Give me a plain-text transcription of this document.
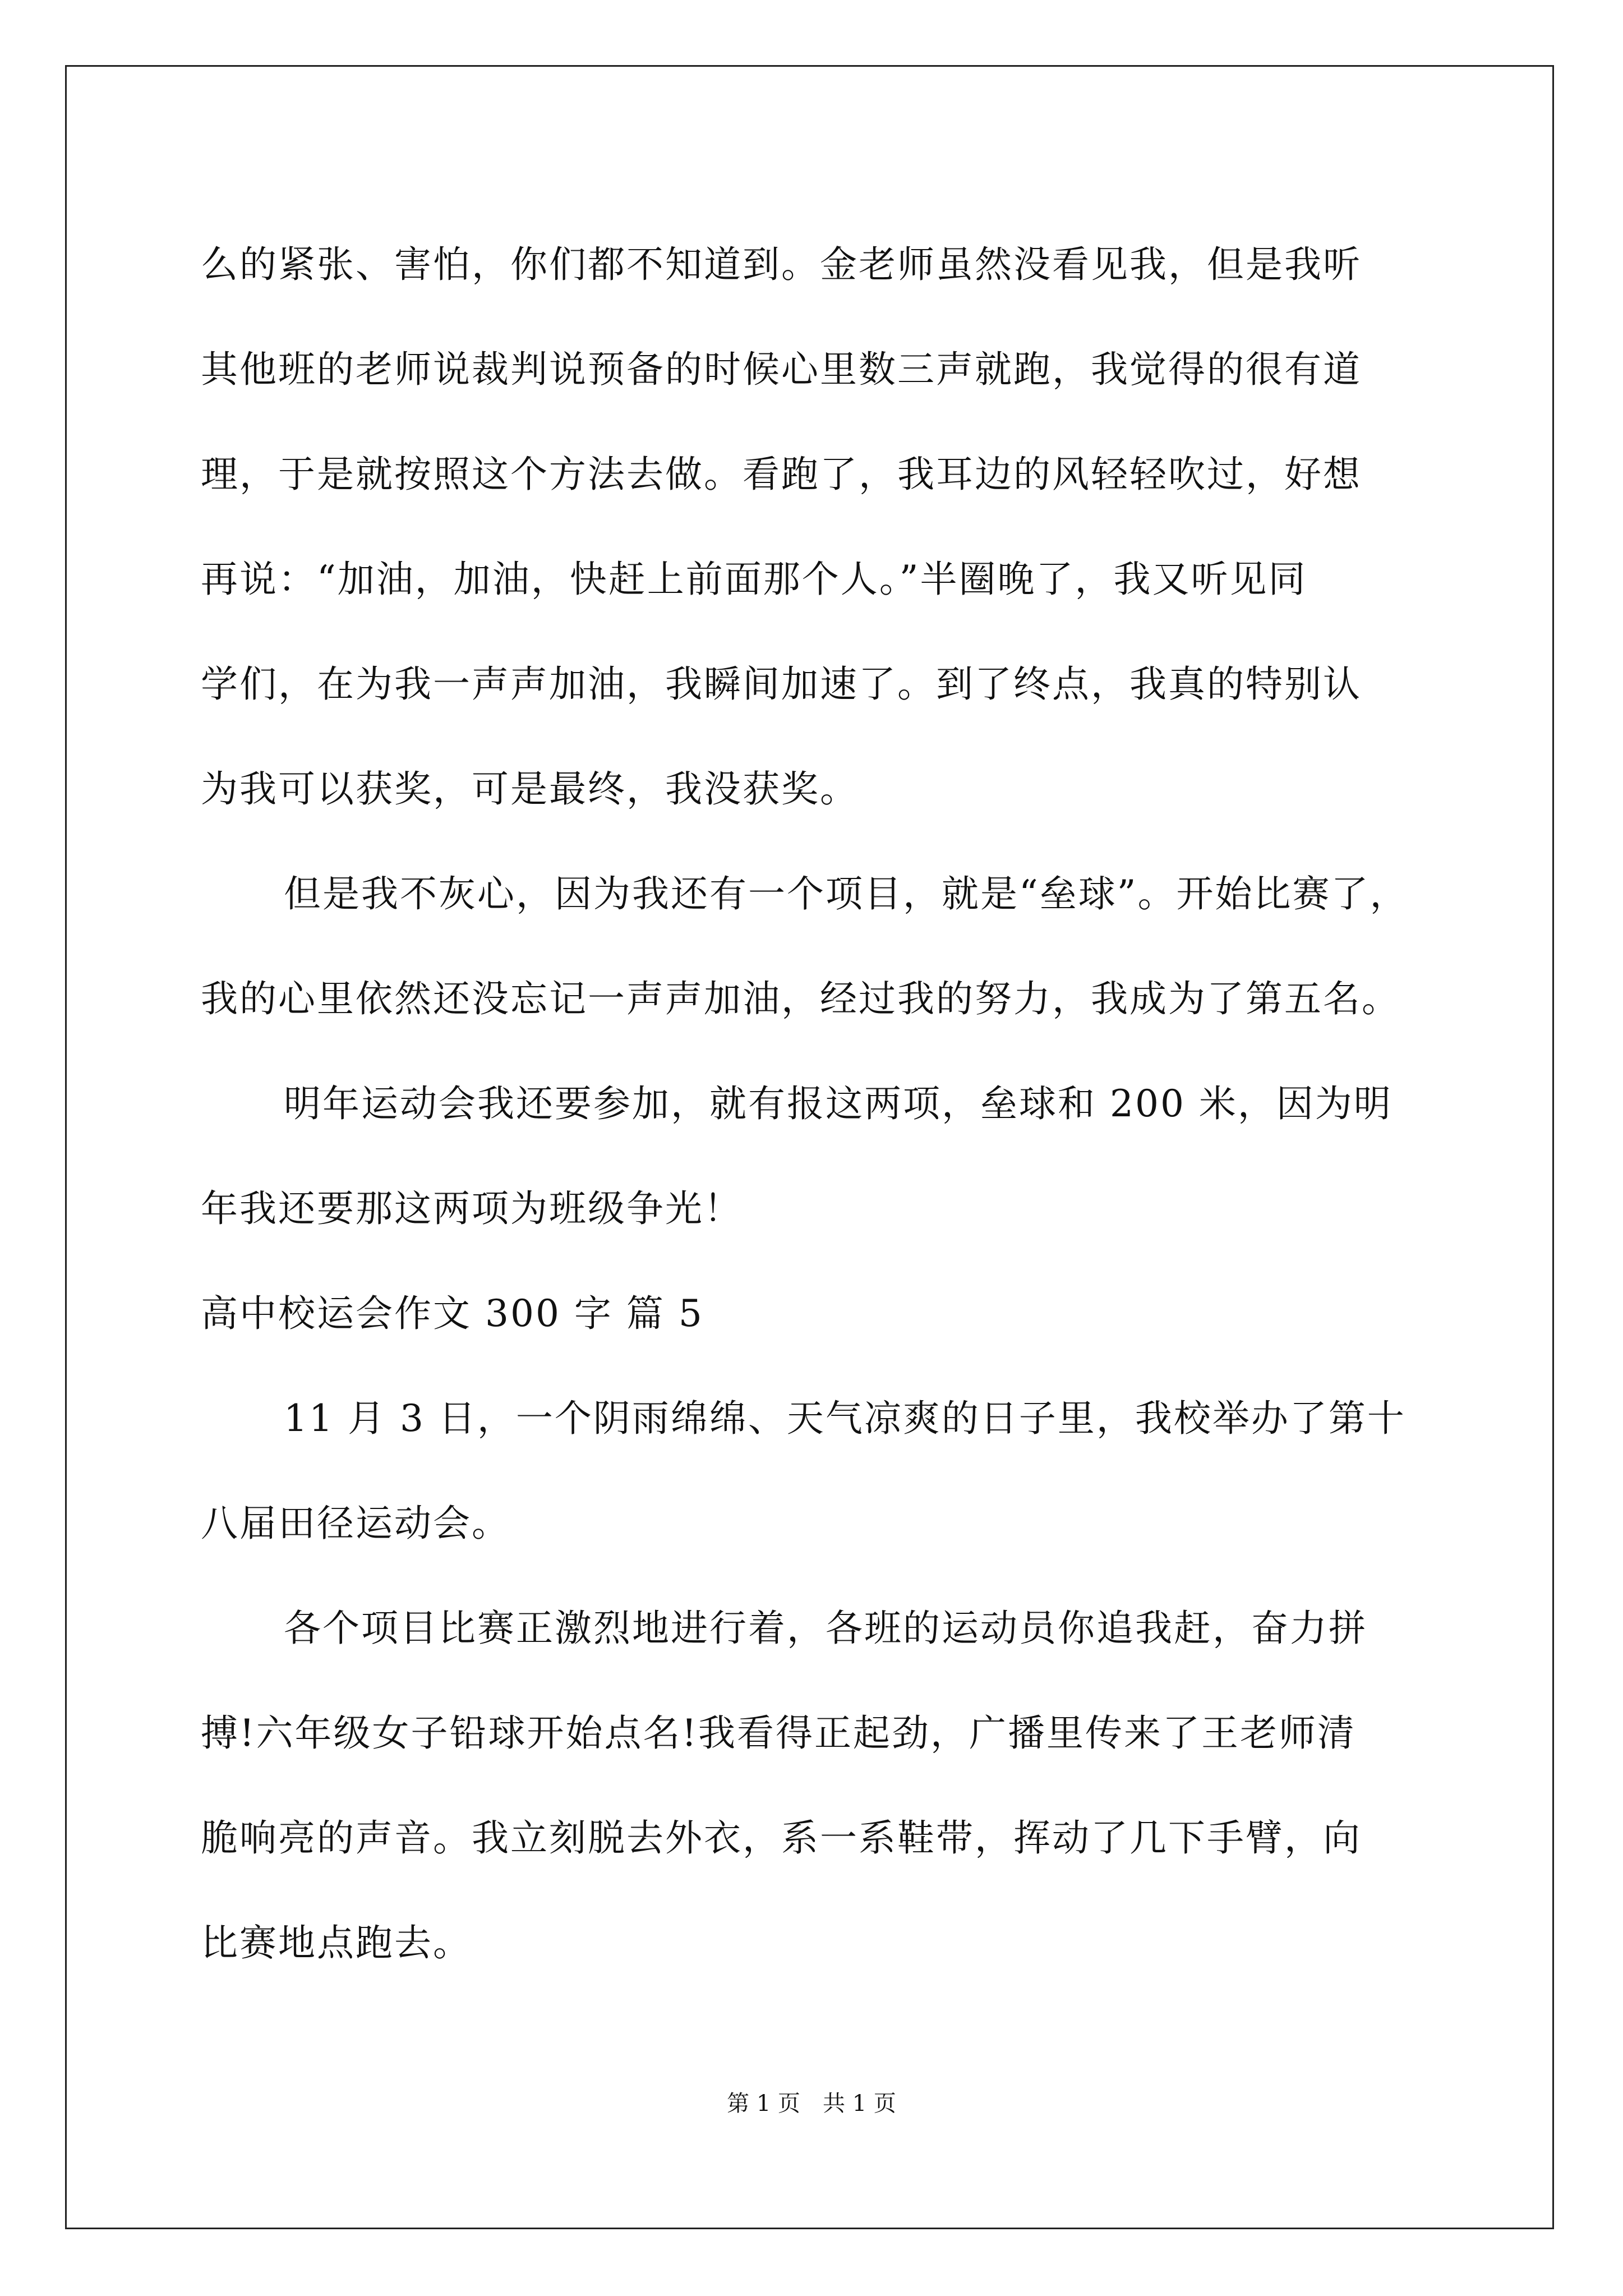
么的紧张、害怕，你们都不知道到。金老师虽然没看见我，但是我听
其他班的老师说裁判说预备的时候心里数三声就跑，我觉得的很有道
理，于是就按照这个方法去做。看跑了，我耳边的风轻轻吹过，好想
再说：“加油，加油，快赶上前面那个人。”半圈晚了，我又听见同
学们，在为我一声声加油，我瞬间加速了。到了终点，我真的特别认
为我可以获奖，可是最终，我没获奖。
但是我不灰心，因为我还有一个项目，就是“垒球”。开始比赛了，
我的心里依然还没忘记一声声加油，经过我的努力，我成为了第五名。
明年运动会我还要参加，就有报这两项，垒球和 200 米，因为明
年我还要那这两项为班级争光！
高中校运会作文 300 字 篇 5
11 月 3 日，一个阴雨绵绵、天气凉爽的日子里，我校举办了第十
八届田径运动会。
各个项目比赛正激烈地进行着，各班的运动员你追我赶，奋力拼
搏!六年级女子铅球开始点名!我看得正起劲，广播里传来了王老师清
脆响亮的声音。我立刻脱去外衣，系一系鞋带，挥动了几下手臂，向
比赛地点跑去。
第 1 页 共 1 页
